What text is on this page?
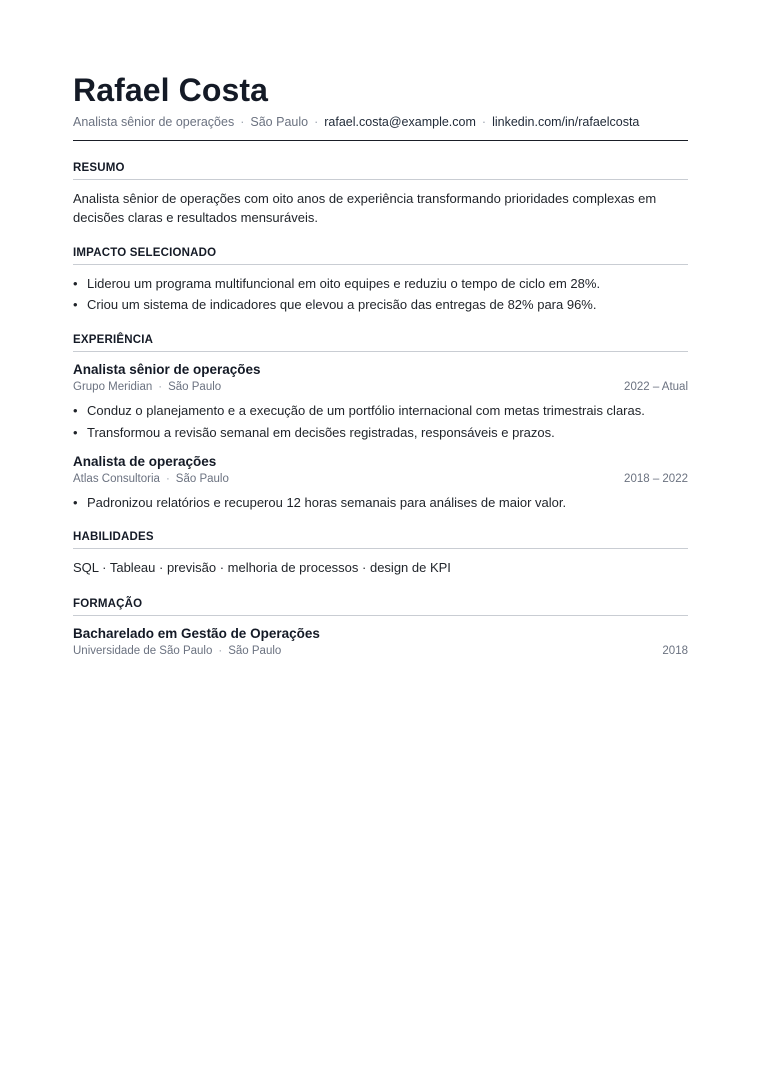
Rafael Costa
Analista sênior de operações · São Paulo · rafael.costa@example.com · linkedin.com/in/rafaelcosta
RESUMO
Analista sênior de operações com oito anos de experiência transformando prioridades complexas em decisões claras e resultados mensuráveis.
IMPACTO SELECIONADO
• Liderou um programa multifuncional em oito equipes e reduziu o tempo de ciclo em 28%.
• Criou um sistema de indicadores que elevou a precisão das entregas de 82% para 96%.
EXPERIÊNCIA
Analista sênior de operações
Grupo Meridian · São Paulo	2022 – Atual
• Conduz o planejamento e a execução de um portfólio internacional com metas trimestrais claras.
• Transformou a revisão semanal em decisões registradas, responsáveis e prazos.
Analista de operações
Atlas Consultoria · São Paulo	2018 – 2022
• Padronizou relatórios e recuperou 12 horas semanais para análises de maior valor.
HABILIDADES
SQL · Tableau · previsão · melhoria de processos · design de KPI
FORMAÇÃO
Bacharelado em Gestão de Operações
Universidade de São Paulo · São Paulo	2018
